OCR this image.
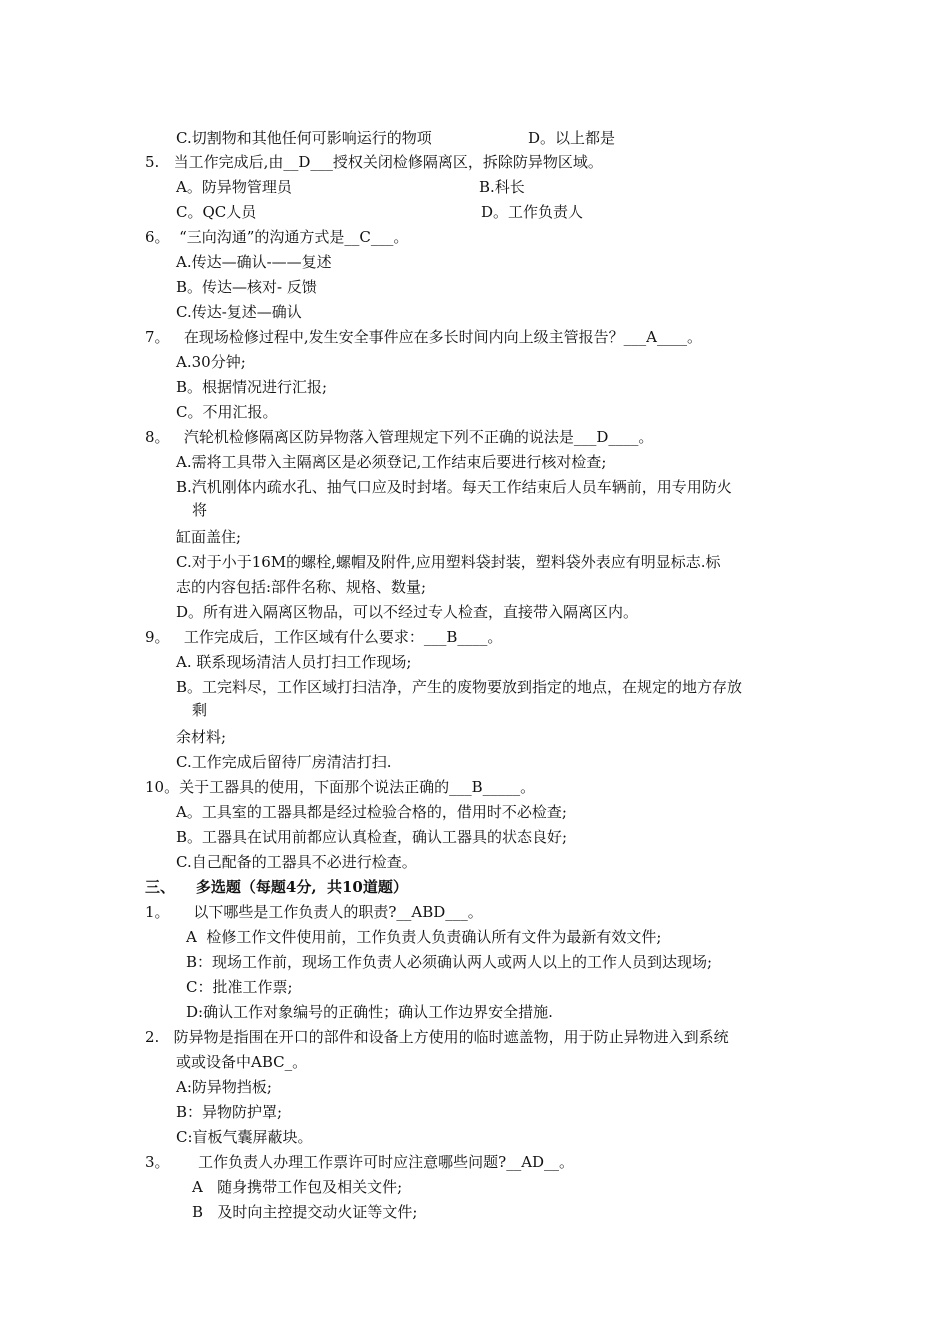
C.切割物和其他任何可影响运行的物项	D。以上都是
5.   当工作完成后,由__D___授权关闭检修隔离区，拆除防异物区域。
A。防异物管理员	B.科长
C。QC人员	D。工作负责人
6。  “三向沟通”的沟通方式是__C___。
A.传达—确认-——复述
B。传达—核对- 反馈
C.传达-复述—确认
7。   在现场检修过程中,发生安全事件应在多长时间内向上级主管报告？___A____。
A.30分钟;
B。根据情况进行汇报;
C。不用汇报。
8。   汽轮机检修隔离区防异物落入管理规定下列不正确的说法是___D____。
A.需将工具带入主隔离区是必须登记,工作结束后要进行核对检查;
B.汽机刚体内疏水孔、抽气口应及时封堵。每天工作结束后人员车辆前，用专用防火
将
缸面盖住;
C.对于小于16M的螺栓,螺帽及附件,应用塑料袋封装，塑料袋外表应有明显标志.标
志的内容包括:部件名称、规格、数量;
D。所有进入隔离区物品，可以不经过专人检查，直接带入隔离区内。
9。   工作完成后，工作区域有什么要求：___B____。
A. 联系现场清洁人员打扫工作现场;
B。工完料尽，工作区域打扫洁净，产生的废物要放到指定的地点，在规定的地方存放
剩
余材料;
C.工作完成后留待厂房清洁打扫.
10。关于工器具的使用，下面那个说法正确的___B_____。
A。工具室的工器具都是经过检验合格的，借用时不必检查;
B。工器具在试用前都应认真检查，确认工器具的状态良好;
C.自己配备的工器具不必进行检查。
三、    多选题（每题4分,  共10道题）
1。     以下哪些是工作负责人的职责?__ABD___。
A  检修工作文件使用前，工作负责人负责确认所有文件为最新有效文件;
B：现场工作前，现场工作负责人必须确认两人或两人以上的工作人员到达现场;
C：批准工作票;
D:确认工作对象编号的正确性；确认工作边界安全措施.
2.   防异物是指围在开口的部件和设备上方使用的临时遮盖物，用于防止异物进入到系统
或或设备中ABC_。
A:防异物挡板;
B：异物防护罩;
C:盲板气囊屏蔽块。
3。      工作负责人办理工作票许可时应注意哪些问题?__AD__。
A   随身携带工作包及相关文件;
B   及时向主控提交动火证等文件;
